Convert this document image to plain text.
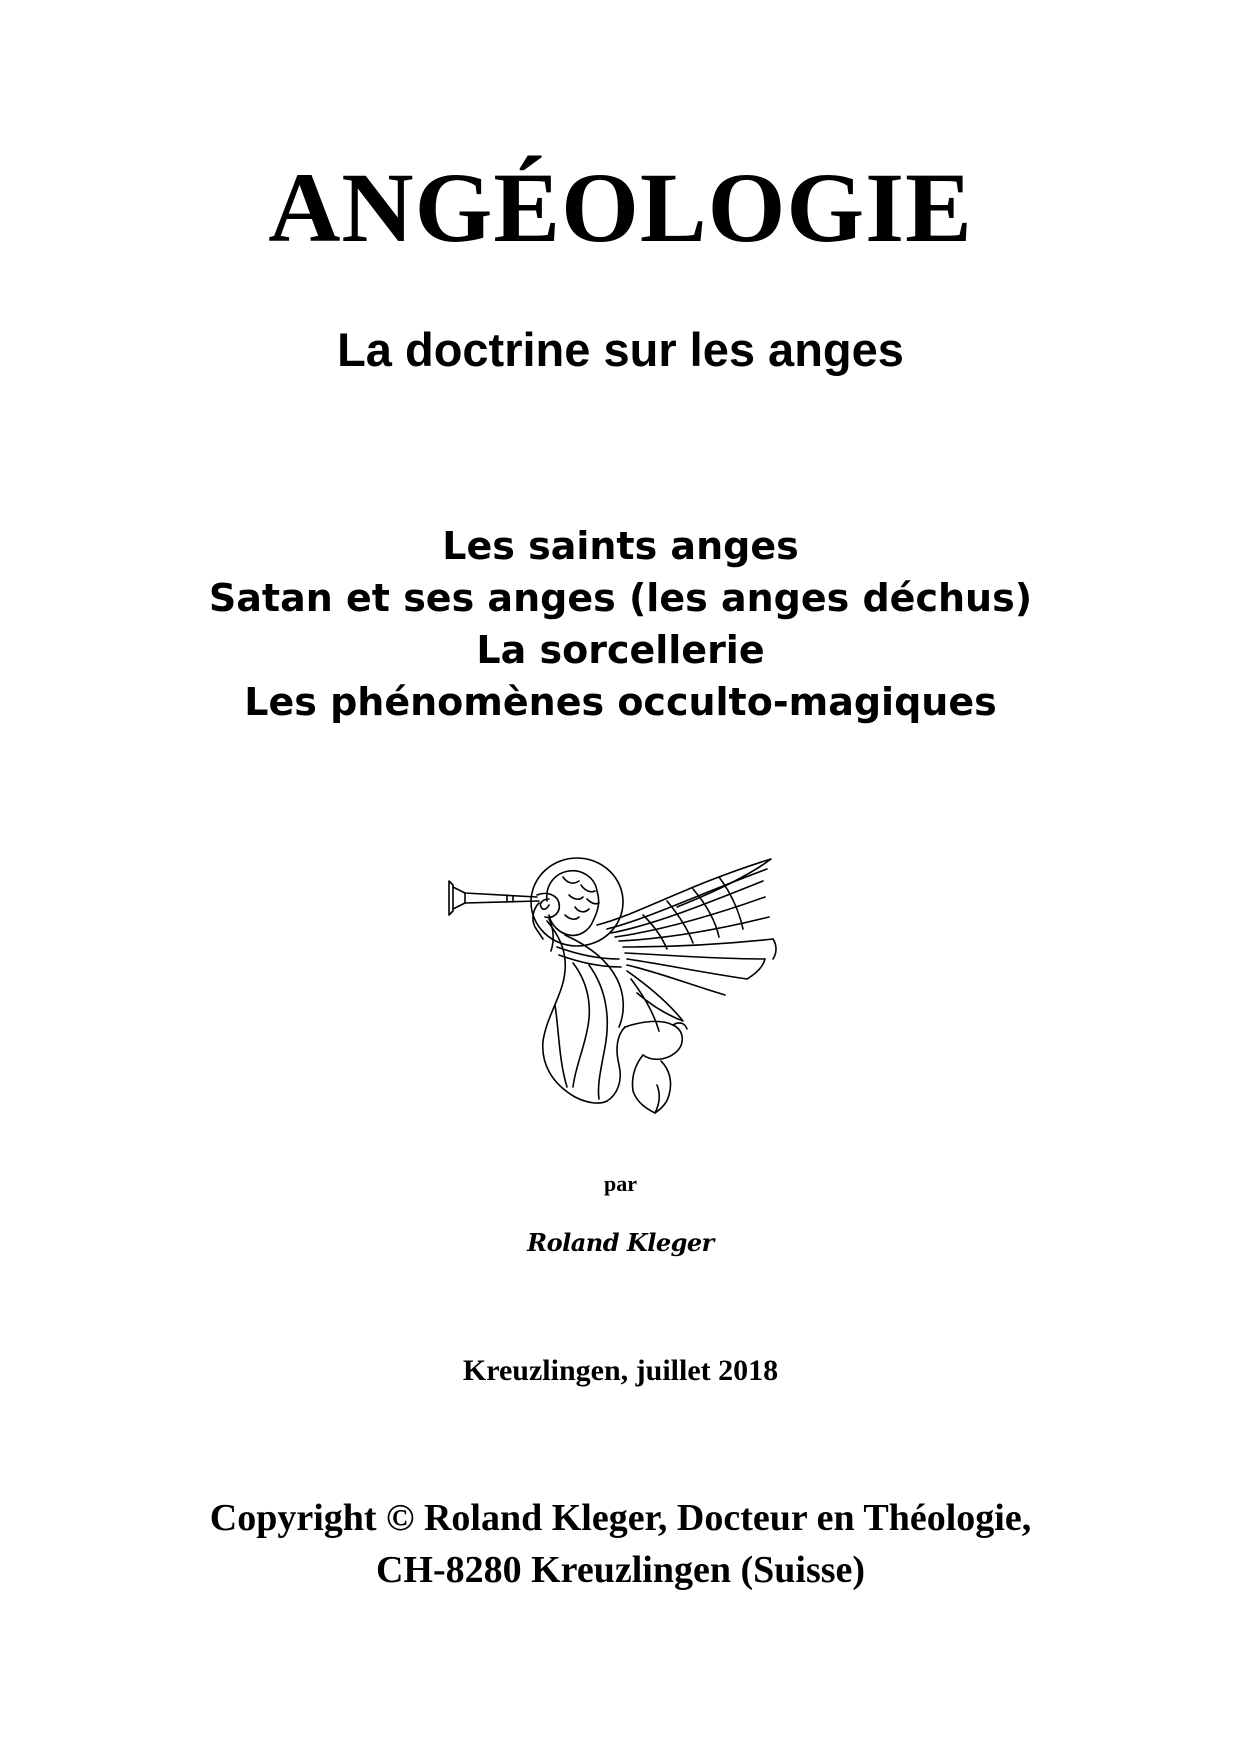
ANGÉOLOGIE
La doctrine sur les anges
Les saints anges
Satan et ses anges (les anges déchus)
La sorcellerie
Les phénomènes occulto-magiques
par
Roland Kleger
Kreuzlingen, juillet 2018
Copyright © Roland Kleger, Docteur en Théologie,
CH-8280 Kreuzlingen (Suisse)
